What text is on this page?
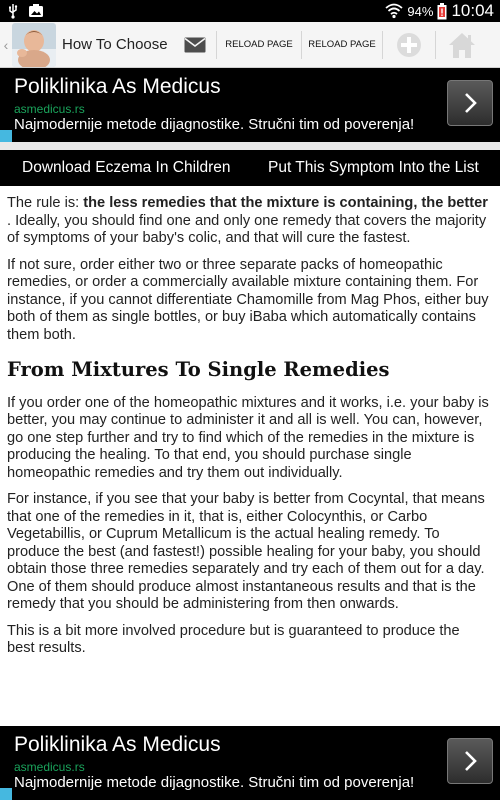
94% 10:04
‹	How To Choose	RELOAD PAGE	RELOAD PAGE
Poliklinika As Medicus
asmedicus.rs
Najmodernije metode dijagnostike. Stručni tim od poverenja!
Download Eczema In Children Put This Symptom Into the List

The rule is: the less remedies that the mixture is containing, the better . Ideally, you should find one and only one remedy that covers the majority of symptoms of your baby's colic, and that will cure the fastest.

If not sure, order either two or three separate packs of homeopathic remedies, or order a commercially available mixture containing them. For instance, if you cannot differentiate Chamomille from Mag Phos, either buy both of them as single bottles, or buy iBaba which automatically contains them both.

From Mixtures To Single Remedies

If you order one of the homeopathic mixtures and it works, i.e. your baby is better, you may continue to administer it and all is well. You can, however, go one step further and try to find which of the remedies in the mixture is producing the healing. To that end, you should purchase single homeopathic remedies and try them out individually.

For instance, if you see that your baby is better from Cocyntal, that means that one of the remedies in it, that is, either Colocynthis, or Carbo Vegetabillis, or Cuprum Metallicum is the actual healing remedy. To produce the best (and fastest!) possible healing for your baby, you should obtain those three remedies separately and try each of them out for a day. One of them should produce almost instantaneous results and that is the remedy that you should be administering from then onwards.

This is a bit more involved procedure but is guaranteed to produce the best results.

Poliklinika As Medicus
asmedicus.rs
Najmodernije metode dijagnostike. Stručni tim od poverenja!
